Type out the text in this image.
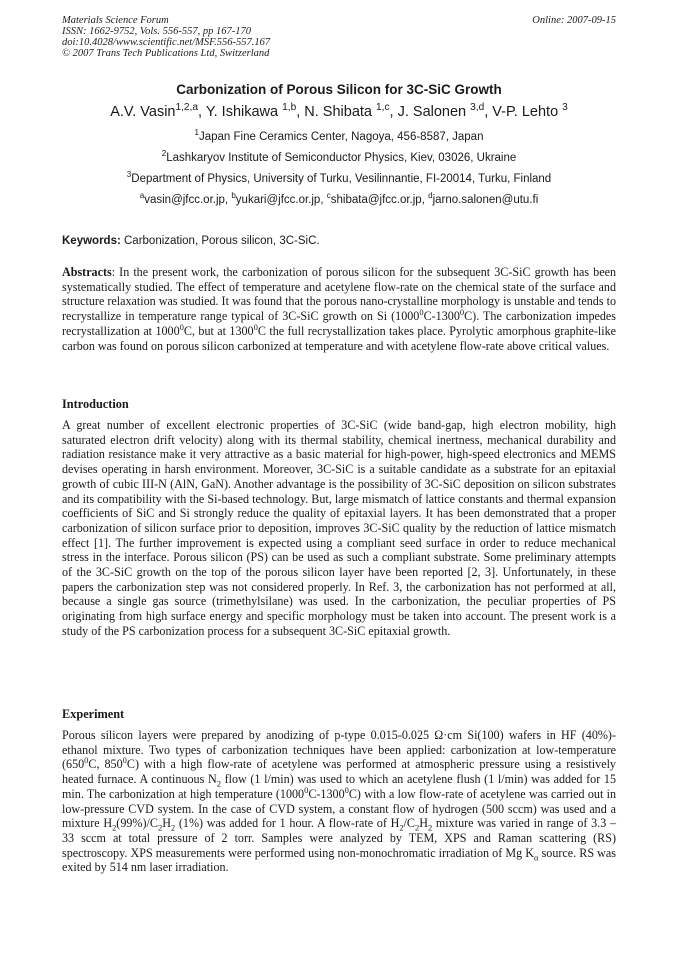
Materials Science Forum
ISSN: 1662-9752, Vols. 556-557, pp 167-170
doi:10.4028/www.scientific.net/MSF.556-557.167
© 2007 Trans Tech Publications Ltd, Switzerland
Online: 2007-09-15
Carbonization of Porous Silicon for 3C-SiC Growth
A.V. Vasin$^{1,2,a}$, Y. Ishikawa $^{1,b}$, N. Shibata $^{1,c}$, J. Salonen $^{3,d}$, V-P. Lehto $^3$
$^1$Japan Fine Ceramics Center, Nagoya, 456-8587, Japan
$^2$Lashkaryov Institute of Semiconductor Physics, Kiev, 03026, Ukraine
$^3$Department of Physics, University of Turku, Vesilinnantie, FI-20014, Turku, Finland
$^a$vasin@jfcc.or.jp, $^b$yukari@jfcc.or.jp, $^c$shibata@jfcc.or.jp, $^d$jarno.salonen@utu.fi
Keywords: Carbonization, Porous silicon, 3C-SiC.
Abstracts: In the present work, the carbonization of porous silicon for the subsequent 3C-SiC growth has been systematically studied. The effect of temperature and acetylene flow-rate on the chemical state of the surface and structure relaxation was studied. It was found that the porous nano-crystalline morphology is unstable and tends to recrystallize in temperature range typical of 3C-SiC growth on Si (1000$^0$C-1300$^0$C). The carbonization impedes recrystallization at 1000$^0$C, but at 1300$^0$C the full recrystallization takes place. Pyrolytic amorphous graphite-like carbon was found on porous silicon carbonized at temperature and with acetylene flow-rate above critical values.
Introduction
A great number of excellent electronic properties of 3C-SiC (wide band-gap, high electron mobility, high saturated electron drift velocity) along with its thermal stability, chemical inertness, mechanical durability and radiation resistance make it very attractive as a basic material for high-power, high-speed electronics and MEMS devises operating in harsh environment. Moreover, 3C-SiC is a suitable candidate as a substrate for an epitaxial growth of cubic III-N (AlN, GaN). Another advantage is the possibility of 3C-SiC deposition on silicon substrates and its compatibility with the Si-based technology. But, large mismatch of lattice constants and thermal expansion coefficients of SiC and Si strongly reduce the quality of epitaxial layers. It has been demonstrated that a proper carbonization of silicon surface prior to deposition, improves 3C-SiC quality by the reduction of lattice mismatch effect [1]. The further improvement is expected using a compliant seed surface in order to reduce mechanical stress in the interface. Porous silicon (PS) can be used as such a compliant substrate. Some preliminary attempts of the 3C-SiC growth on the top of the porous silicon layer have been reported [2, 3]. Unfortunately, in these papers the carbonization step was not considered properly. In Ref. 3, the carbonization has not performed at all, because a single gas source (trimethylsilane) was used. In the carbonization, the peculiar properties of PS originating from high surface energy and specific morphology must be taken into account. The present work is a study of the PS carbonization process for a subsequent 3C-SiC epitaxial growth.
Experiment
Porous silicon layers were prepared by anodizing of p-type 0.015-0.025 Ω·cm Si(100) wafers in HF (40%)-ethanol mixture. Two types of carbonization techniques have been applied: carbonization at low-temperature ($650^0C$, $850^0C$) with a high flow-rate of acetylene was performed at atmospheric pressure using a resistively heated furnace. A continuous $N_2$ flow (1 l/min) was used to which an acetylene flush (1 l/min) was added for 15 min. The carbonization at high temperature (1000$^0$C-1300$^0$C) with a low flow-rate of acetylene was carried out in low-pressure CVD system. In the case of CVD system, a constant flow of hydrogen (500 sccm) was used and a mixture $H_2(99\%)/C_2H_2$ (1%) was added for 1 hour. A flow-rate of $H_2/C_2H_2$ mixture was varied in range of 3.3 – 33 sccm at total pressure of 2 torr. Samples were analyzed by TEM, XPS and Raman scattering (RS) spectroscopy. XPS measurements were performed using non-monochromatic irradiation of Mg $K_\alpha$ source. RS was exited by 514 nm laser irradiation.
